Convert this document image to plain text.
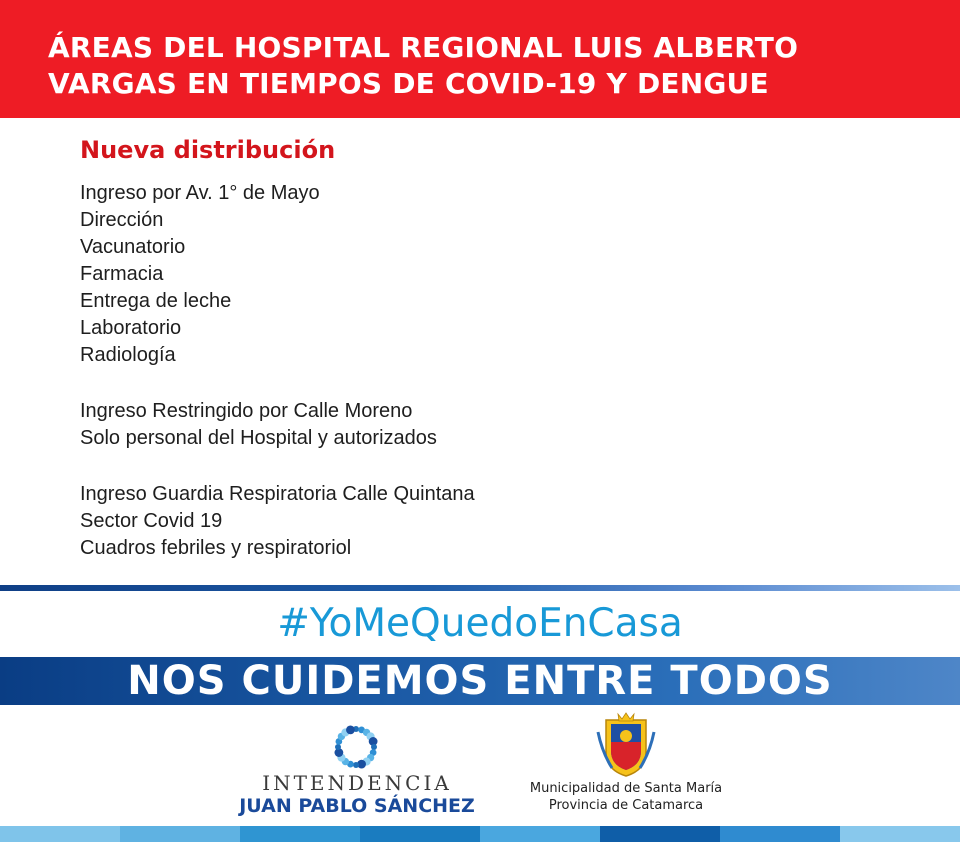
ÁREAS DEL HOSPITAL REGIONAL LUIS ALBERTO
VARGAS EN TIEMPOS DE COVID-19 Y DENGUE
Nueva distribución
Ingreso por Av. 1° de Mayo
Dirección
Vacunatorio
Farmacia
Entrega de leche
Laboratorio
Radiología
Ingreso Restringido por Calle Moreno
Solo personal del Hospital y autorizados
Ingreso Guardia Respiratoria Calle Quintana
Sector Covid 19
Cuadros febriles y respiratoriol
#YoMeQuedoEnCasa
NOS CUIDEMOS ENTRE TODOS
INTENDENCIA
JUAN PABLO SÁNCHEZ
Municipalidad de Santa María
Provincia de Catamarca
